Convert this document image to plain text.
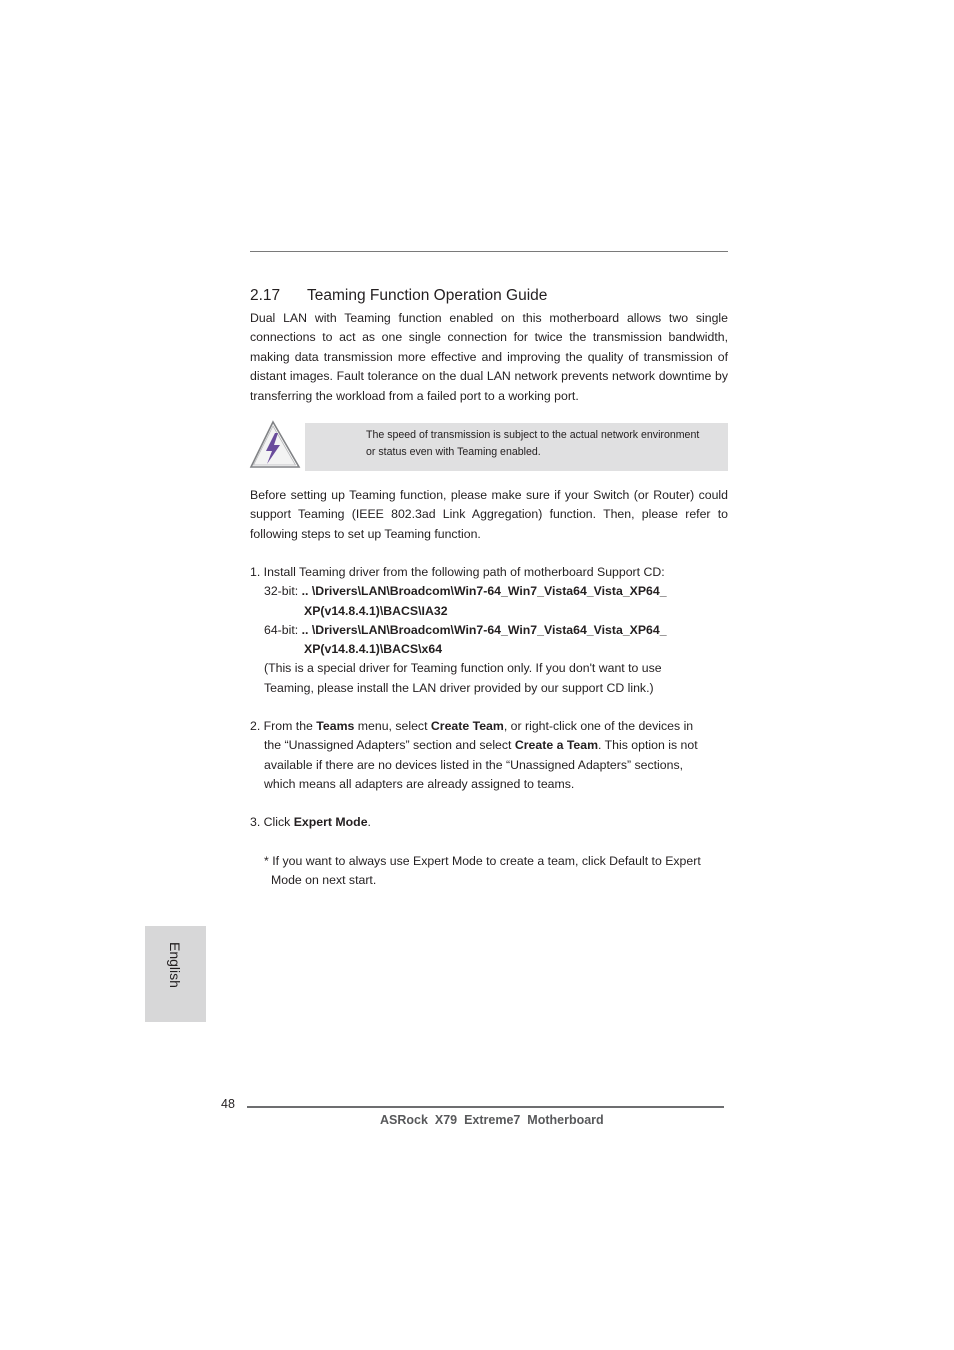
2.17 Teaming Function Operation Guide

Dual LAN with Teaming function enabled on this motherboard allows two single connections to act as one single connection for twice the transmission bandwidth, making data transmission more effective and improving the quality of transmission of distant images. Fault tolerance on the dual LAN network prevents network downtime by transferring the workload from a failed port to a working port.

The speed of transmission is subject to the actual network environment
or status even with Teaming enabled.

Before setting up Teaming function, please make sure if your Switch (or Router) could support Teaming (IEEE 802.3ad Link Aggregation) function. Then, please refer to following steps to set up Teaming function.

1. Install Teaming driver from the following path of motherboard Support CD:

32-bit: .. \Drivers\LAN\Broadcom\Win7-64_Win7_Vista64_Vista_XP64_

XP(v14.8.4.1)\BACS\IA32

64-bit: .. \Drivers\LAN\Broadcom\Win7-64_Win7_Vista64_Vista_XP64_

XP(v14.8.4.1)\BACS\x64

(This is a special driver for Teaming function only. If you don't want to use

Teaming, please install the LAN driver provided by our support CD link.)

2. From the Teams menu, select Create Team, or right-click one of the devices in

the “Unassigned Adapters” section and select Create a Team. This option is not

available if there are no devices listed in the “Unassigned Adapters” sections,

which means all adapters are already assigned to teams.

3. Click Expert Mode.

* If you want to always use Expert Mode to create a team, click Default to Expert

Mode on next start.

English
48
ASRock  X79  Extreme7  Motherboard
